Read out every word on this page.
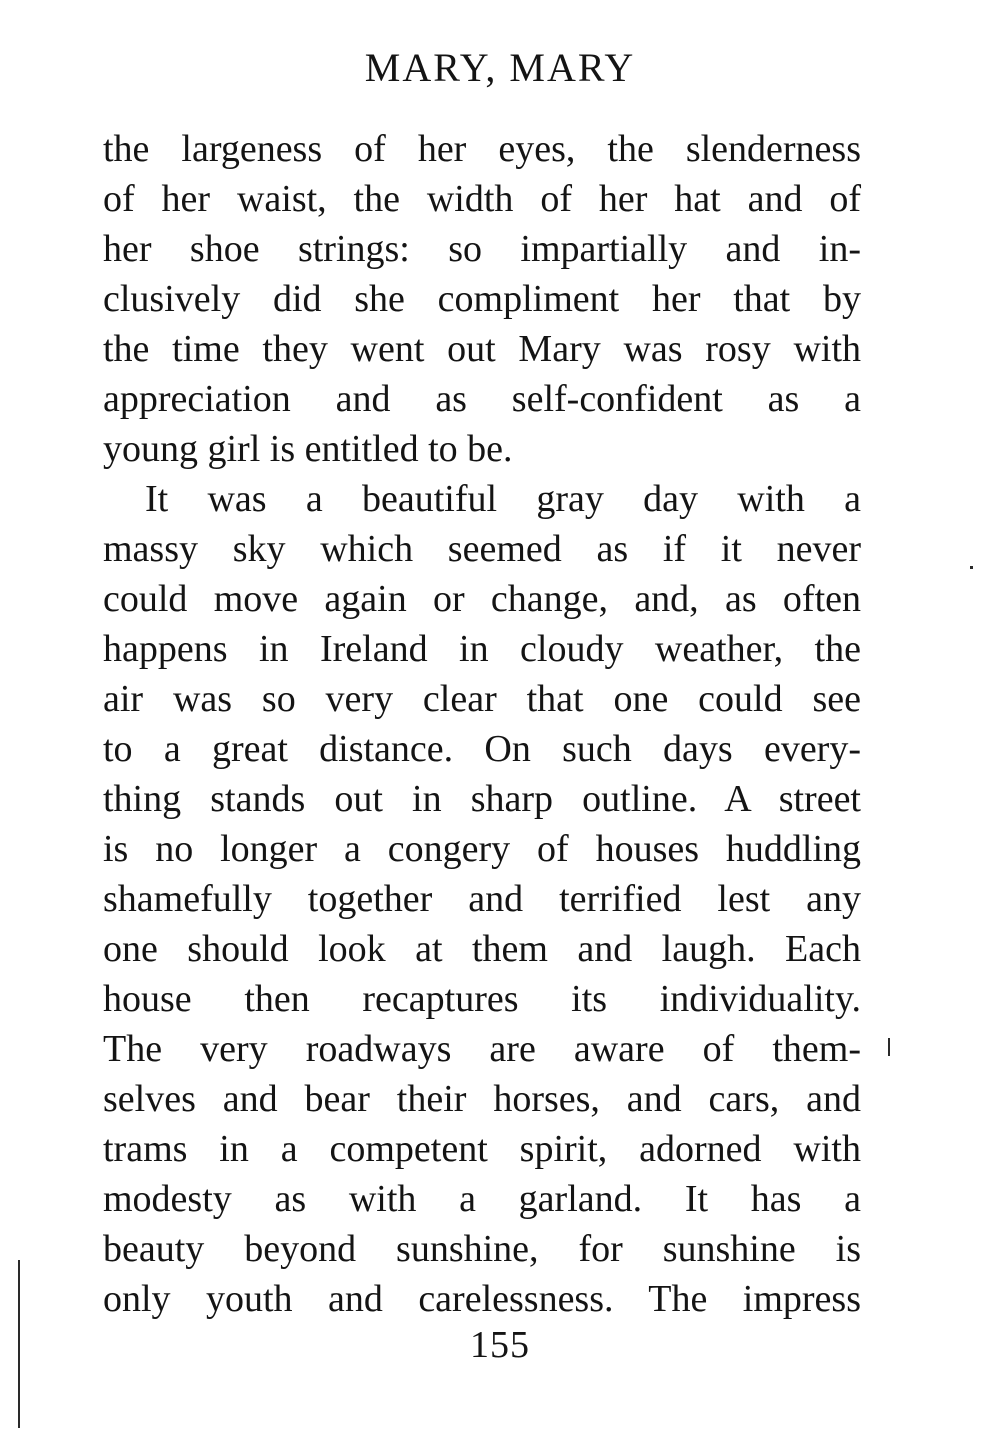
MARY, MARY
the largeness of her eyes, the slenderness
of her waist, the width of her hat and of
her shoe strings: so impartially and in-
clusively did she compliment her that by
the time they went out Mary was rosy with
appreciation and as self-confident as a
young girl is entitled to be.
It was a beautiful gray day with a
massy sky which seemed as if it never
could move again or change, and, as often
happens in Ireland in cloudy weather, the
air was so very clear that one could see
to a great distance. On such days every-
thing stands out in sharp outline. A street
is no longer a congery of houses huddling
shamefully together and terrified lest any
one should look at them and laugh. Each
house then recaptures its individuality.
The very roadways are aware of them-
selves and bear their horses, and cars, and
trams in a competent spirit, adorned with
modesty as with a garland. It has a
beauty beyond sunshine, for sunshine is
only youth and carelessness. The impress
155
